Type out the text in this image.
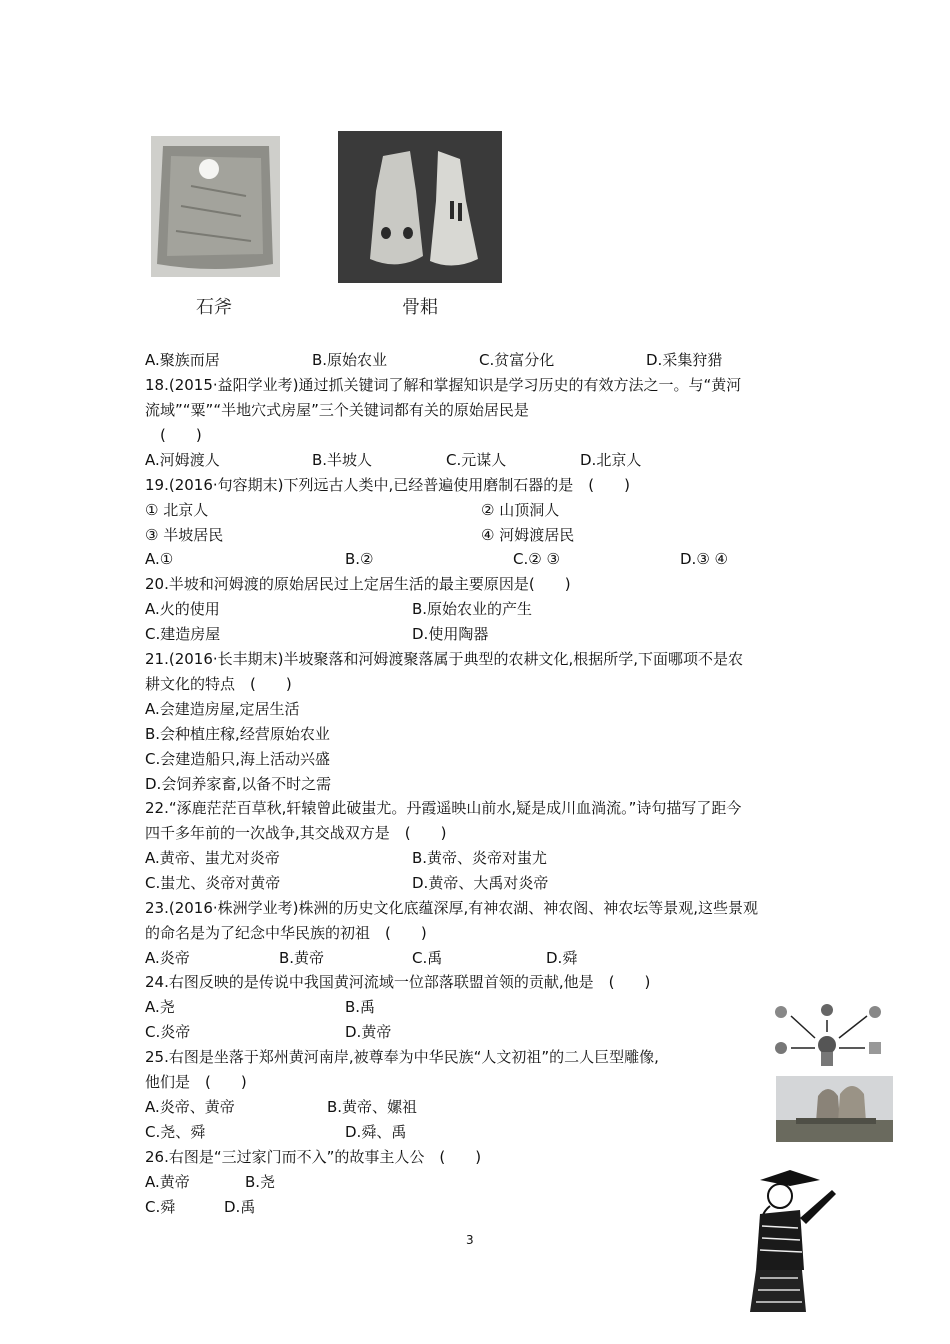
石斧	骨耜
A.聚族而居	B.原始农业	C.贫富分化	D.采集狩猎
18.(2015·益阳学业考)通过抓关键词了解和掌握知识是学习历史的有效方法之一。与“黄河
流域”“粟”“半地穴式房屋”三个关键词都有关的原始居民是
(　　)
A.河姆渡人	B.半坡人	C.元谋人	D.北京人
19.(2016·句容期末)下列远古人类中,已经普遍使用磨制石器的是　(　　)
① 北京人	② 山顶洞人
③ 半坡居民	④ 河姆渡居民
A.①	B.②	C.② ③	D.③ ④
20.半坡和河姆渡的原始居民过上定居生活的最主要原因是(　　)
A.火的使用	B.原始农业的产生
C.建造房屋	D.使用陶器
21.(2016·长丰期末)半坡聚落和河姆渡聚落属于典型的农耕文化,根据所学,下面哪项不是农
耕文化的特点　(　　)
A.会建造房屋,定居生活
B.会种植庄稼,经营原始农业
C.会建造船只,海上活动兴盛
D.会饲养家畜,以备不时之需
22.“涿鹿茫茫百草秋,轩辕曾此破蚩尤。丹霞遥映山前水,疑是成川血淌流。”诗句描写了距今
四千多年前的一次战争,其交战双方是　(　　)
A.黄帝、蚩尤对炎帝	B.黄帝、炎帝对蚩尤
C.蚩尤、炎帝对黄帝	D.黄帝、大禹对炎帝
23.(2016·株洲学业考)株洲的历史文化底蕴深厚,有神农湖、神农阁、神农坛等景观,这些景观
的命名是为了纪念中华民族的初祖　(　　)
A.炎帝	B.黄帝	C.禹	D.舜
24.右图反映的是传说中我国黄河流域一位部落联盟首领的贡献,他是　(　　)
A.尧	B.禹
C.炎帝	D.黄帝
25.右图是坐落于郑州黄河南岸,被尊奉为中华民族“人文初祖”的二人巨型雕像,
他们是　(　　)
A.炎帝、黄帝	B.黄帝、嫘祖
C.尧、舜	D.舜、禹
26.右图是“三过家门而不入”的故事主人公　(　　)
A.黄帝	B.尧
C.舜	D.禹
3
